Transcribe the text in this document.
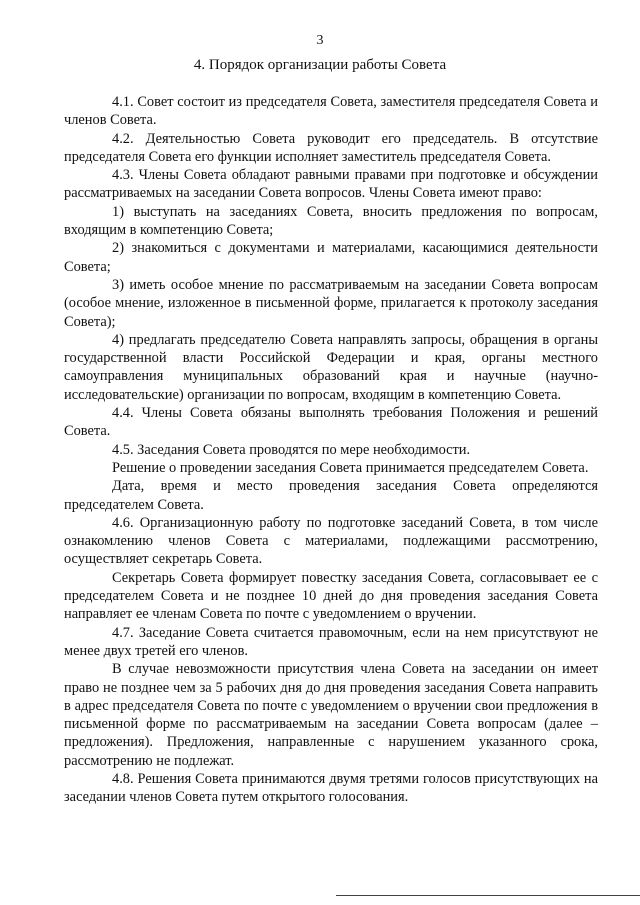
3
4. Порядок организации работы Совета

4.1. Совет состоит из председателя Совета, заместителя председателя Совета и членов Совета.

4.2. Деятельностью Совета руководит его председатель. В отсутствие председателя Совета его функции исполняет заместитель председателя Совета.

4.3. Члены Совета обладают равными правами при подготовке и обсуждении рассматриваемых на заседании Совета вопросов. Члены Совета имеют право:

1) выступать на заседаниях Совета, вносить предложения по вопросам, входящим в компетенцию Совета;

2) знакомиться с документами и материалами, касающимися деятельности Совета;

3) иметь особое мнение по рассматриваемым на заседании Совета вопросам (особое мнение, изложенное в письменной форме, прилагается к протоколу заседания Совета);

4) предлагать председателю Совета направлять запросы, обращения в органы государственной власти Российской Федерации и края, органы местного самоуправления муниципальных образований края и научные (научно-исследовательские) организации по вопросам, входящим в компетенцию Совета.

4.4. Члены Совета обязаны выполнять требования Положения и решений Совета.

4.5. Заседания Совета проводятся по мере необходимости.

Решение о проведении заседания Совета принимается председателем Совета.

Дата, время и место проведения заседания Совета определяются председателем Совета.

4.6. Организационную работу по подготовке заседаний Совета, в том числе ознакомлению членов Совета с материалами, подлежащими рассмотрению, осуществляет секретарь Совета.

Секретарь Совета формирует повестку заседания Совета, согласовывает ее с председателем Совета и не позднее 10 дней до дня проведения заседания Совета направляет ее членам Совета по почте с уведомлением о вручении.

4.7. Заседание Совета считается правомочным, если на нем присутствуют не менее двух третей его членов.

В случае невозможности присутствия члена Совета на заседании он имеет право не позднее чем за 5 рабочих дня до дня проведения заседания Совета направить в адрес председателя Совета по почте с уведомлением о вручении свои предложения в письменной форме по рассматриваемым на заседании Совета вопросам (далее – предложения). Предложения, направленные с нарушением указанного срока, рассмотрению не подлежат.

4.8. Решения Совета принимаются двумя третями голосов присутствующих на заседании членов Совета путем открытого голосования.
